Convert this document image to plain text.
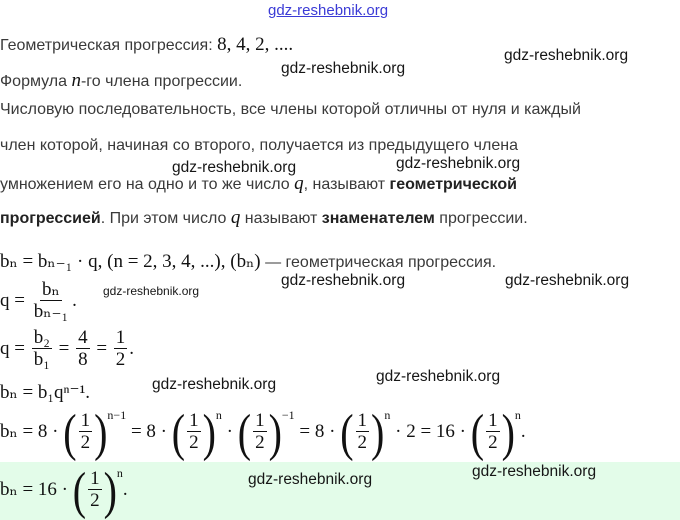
gdz-reshebnik.org
gdz-reshebnik.org
gdz-reshebnik.org
gdz-reshebnik.org	gdz-reshebnik.org
gdz-reshebnik.org	gdz-reshebnik.org
gdz-reshebnik.org
gdz-reshebnik.org	gdz-reshebnik.org
Геометрическая прогрессия: 8, 4, 2, ....
Формула n-го члена прогрессии.
Числовую последовательность, все члены которой отличны от нуля и каждый
член которой, начиная со второго, получается из предыдущего члена
умножением его на одно и то же число q, называют геометрической
прогрессией. При этом число q называют знаменателем прогрессии.
bₙ = bₙ₋₁ · q, (n = 2, 3, 4, ...), (bₙ) — геометрическая прогрессия.
$q = \frac{\text{bₙ}}{\text{bₙ₋₁}}$ .
$q = \frac{\text{b₂}}{\text{b₁}} = \frac{4}{8} = \frac{1}{2}$ .
bₙ = b₁qⁿ⁻¹.
bₙ = 8 · ( $\frac{1}{2} )^{n-1} = 8$ · ( $\frac{1}{2} )^n$ · ( $\frac{1}{2} )^{-1} = 8$ · ( $\frac{1}{2} )^n \cdot 2 = 16$ · ( $\frac{1}{2} )^n$.
gdz-reshebnik.org
gdz-reshebnik.org
bₙ = 16 · ( $\frac{1}{2} )^n$.
